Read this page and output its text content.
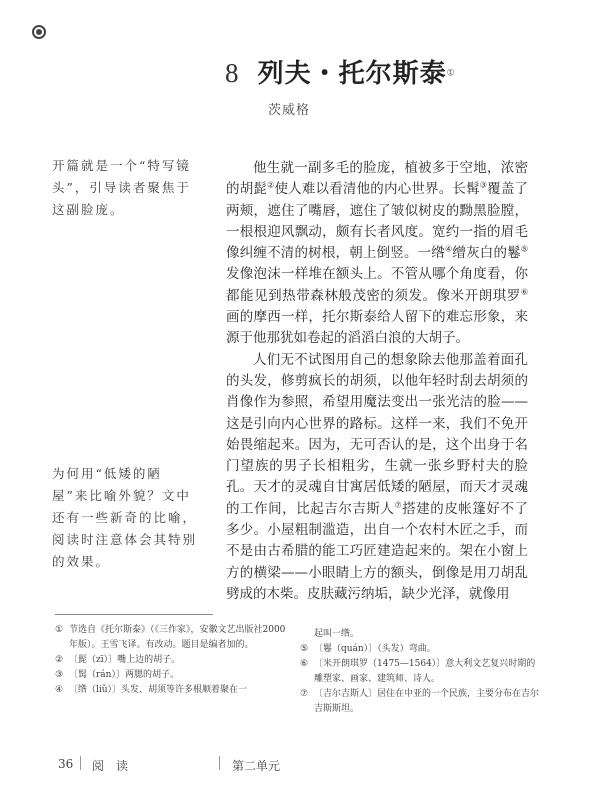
8 列夫・托尔斯泰①
茨威格
开篇就是一个“特写镜头”，引导读者聚焦于这副脸庞。
为何用“低矮的陋屋”来比喻外貌？文中还有一些新奇的比喻，阅读时注意体会其特别的效果。

他生就一副多毛的脸庞，植被多于空地，浓密的胡髭②使人难以看清他的内心世界。长髯③覆盖了两颊，遮住了嘴唇，遮住了皱似树皮的黝黑脸膛，一根根迎风飘动，颇有长者风度。宽约一指的眉毛像纠缠不清的树根，朝上倒竖。一绺④缯灰白的鬈⑤发像泡沫一样堆在额头上。不管从哪个角度看，你都能见到热带森林般茂密的须发。像米开朗琪罗⑥画的摩西一样，托尔斯泰给人留下的难忘形象，来源于他那犹如卷起的滔滔白浪的大胡子。

人们无不试图用自己的想象除去他那盖着面孔的头发，修剪疯长的胡须，以他年轻时刮去胡须的肖像作为参照，希望用魔法变出一张光洁的脸——这是引向内心世界的路标。这样一来，我们不免开始畏缩起来。因为，无可否认的是，这个出身于名门望族的男子长相粗劣，生就一张乡野村夫的脸孔。天才的灵魂自甘寓居低矮的陋屋，而天才灵魂的工作间，比起吉尔吉斯人⑦搭建的皮帐篷好不了多少。小屋粗制滥造，出自一个农村木匠之手，而不是由古希腊的能工巧匠建造起来的。架在小窗上方的横梁——小眼睛上方的额头，倒像是用刀胡乱劈成的木柴。皮肤藏污纳垢，缺少光泽，就像用

① 节选自《托尔斯泰》（《三作家》，安徽文艺出版社2000年版）。王雪飞译。有改动。题目是编者加的。
② 〔髭（zī）〕嘴上边的胡子。
③ 〔髯（rán）〕两腮的胡子。
④ 〔绺（liǔ）〕头发、胡须等许多根顺着聚在一
起叫一绺。
⑤ 〔鬈（quán）〕（头发）弯曲。
⑥ 〔米开朗琪罗（1475—1564）〕意大利文艺复兴时期的雕塑家、画家、建筑师、诗人。
⑦ 〔吉尔吉斯人〕居住在中亚的一个民族，主要分布在吉尔吉斯斯坦。
36 阅　读	第二单元
